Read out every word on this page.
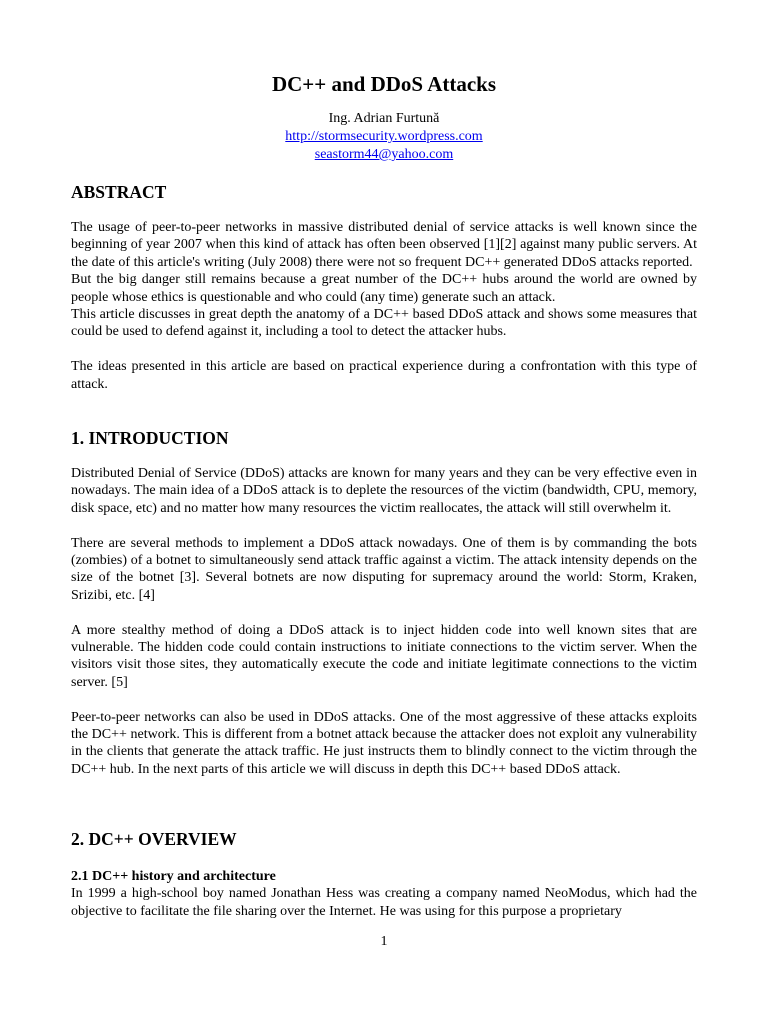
DC++ and DDoS Attacks
Ing. Adrian Furtună
http://stormsecurity.wordpress.com
seastorm44@yahoo.com
ABSTRACT

The usage of peer-to-peer networks in massive distributed denial of service attacks is well known since the beginning of year 2007 when this kind of attack has often been observed [1][2] against many public servers. At the date of this article's writing (July 2008) there were not so frequent DC++ generated DDoS attacks reported.

But the big danger still remains because a great number of the DC++ hubs around the world are owned by people whose ethics is questionable and who could (any time) generate such an attack.

This article discusses in great depth the anatomy of a DC++ based DDoS attack and shows some measures that could be used to defend against it, including a tool to detect the attacker hubs.

The ideas presented in this article are based on practical experience during a confrontation with this type of attack.

1. INTRODUCTION

Distributed Denial of Service (DDoS) attacks are known for many years and they can be very effective even in nowadays. The main idea of a DDoS attack is to deplete the resources of the victim (bandwidth, CPU, memory, disk space, etc) and no matter how many resources the victim reallocates, the attack will still overwhelm it.

There are several methods to implement a DDoS attack nowadays. One of them is by commanding the bots (zombies) of a botnet to simultaneously send attack traffic against a victim. The attack intensity depends on the size of the botnet [3]. Several botnets are now disputing for supremacy around the world: Storm, Kraken, Srizibi, etc. [4]

A more stealthy method of doing a DDoS attack is to inject hidden code into well known sites that are vulnerable. The hidden code could contain instructions to initiate connections to the victim server. When the visitors visit those sites, they automatically execute the code and initiate legitimate connections to the victim server. [5]

Peer-to-peer networks can also be used in DDoS attacks. One of the most aggressive of these attacks exploits the DC++ network. This is different from a botnet attack because the attacker does not exploit any vulnerability in the clients that generate the attack traffic. He just instructs them to blindly connect to the victim through the DC++ hub. In the next parts of this article we will discuss in depth this DC++ based DDoS attack.

2. DC++ OVERVIEW
2.1 DC++ history and architecture

In 1999 a high-school boy named Jonathan Hess was creating a company named NeoModus, which had the objective to facilitate the file sharing over the Internet. He was using for this purpose a proprietary

1
